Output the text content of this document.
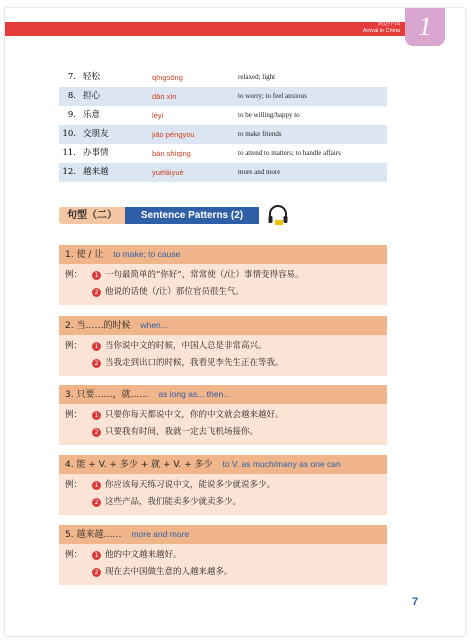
到达中国
Arrival in China 1
7. 轻松	qīngsōng	relaxed; light
8. 担心	dān xīn	to worry; to feel anxious
9. 乐意	lèyì	to be willing/happy to
10. 交朋友	jiāo péngyou	to make friends
11. 办事情	bàn shìqing	to attend to matters; to handle affairs
12. 越来越	yuèláiyuè	more and more
句型（二）	Sentence Patterns (2)
1. 使 / 让 to make; to cause
例：	1 一句最简单的“你好”，常常使（/让）事情变得容易。
2 他说的话使（/让）那位官员很生气。
2. 当……的时候 when...
例：	1 当你说中文的时候，中国人总是非常高兴。
2 当我走到出口的时候，我看见李先生正在等我。
3. 只要……，就…… as long as... then...
例：	1 只要你每天都说中文，你的中文就会越来越好。
2 只要我有时间，我就一定去飞机场接你。
4. 能 + V. + 多少 + 就 + V. + 多少 to V. as much/many as one can
例：	1 你应该每天练习说中文，能说多少就说多少。
2 这些产品，我们能卖多少就卖多少。
5. 越来越…… more and more
例：	1 他的中文越来越好。
2 现在去中国做生意的人越来越多。
7
